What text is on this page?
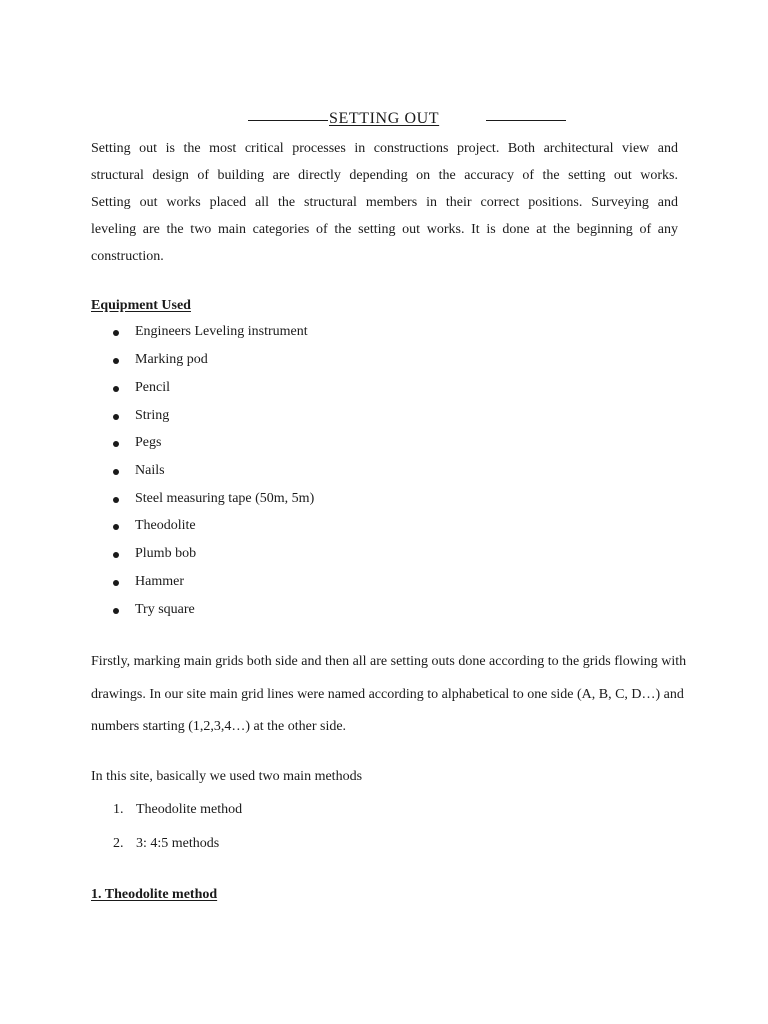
SETTING OUT
Setting out is the most critical processes in constructions project. Both architectural view and
structural design of building are directly depending on the accuracy of the setting out works.
Setting out works placed all the structural members in their correct positions. Surveying and
leveling are the two main categories of the setting out works. It is done at the beginning of any
construction.
Equipment Used
Engineers Leveling instrument
Marking pod
Pencil
String
Pegs
Nails
Steel measuring tape (50m, 5m)
Theodolite
Plumb bob
Hammer
Try square
Firstly, marking main grids both side and then all are setting outs done according to the grids flowing with
drawings. In our site main grid lines were named according to alphabetical to one side (A, B, C, D…) and
numbers starting (1,2,3,4…) at the other side.
In this site, basically we used two main methods
1. Theodolite method
2. 3: 4:5 methods
1. Theodolite method
